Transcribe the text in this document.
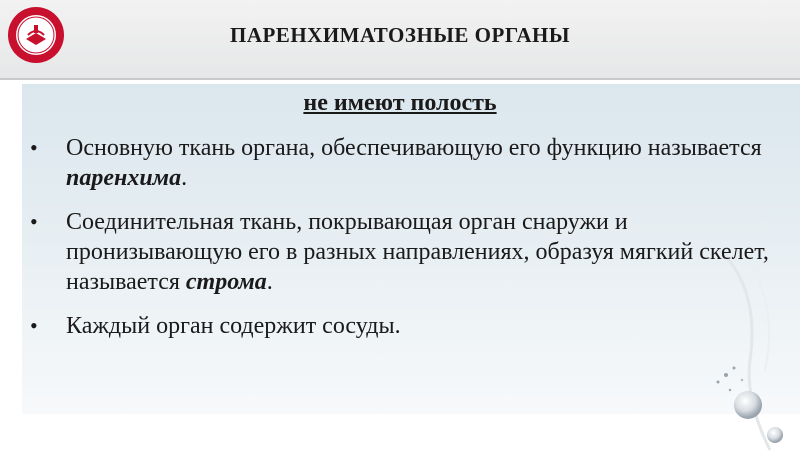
ПАРЕНХИМАТОЗНЫЕ ОРГАНЫ
не имеют полость
• Основную ткань органа, обеспечивающую его функцию называется паренхима.
• Соединительная ткань, покрывающая орган снаружи и пронизывающую его в разных направлениях, образуя мягкий скелет, называется строма.
• Каждый орган содержит сосуды.
